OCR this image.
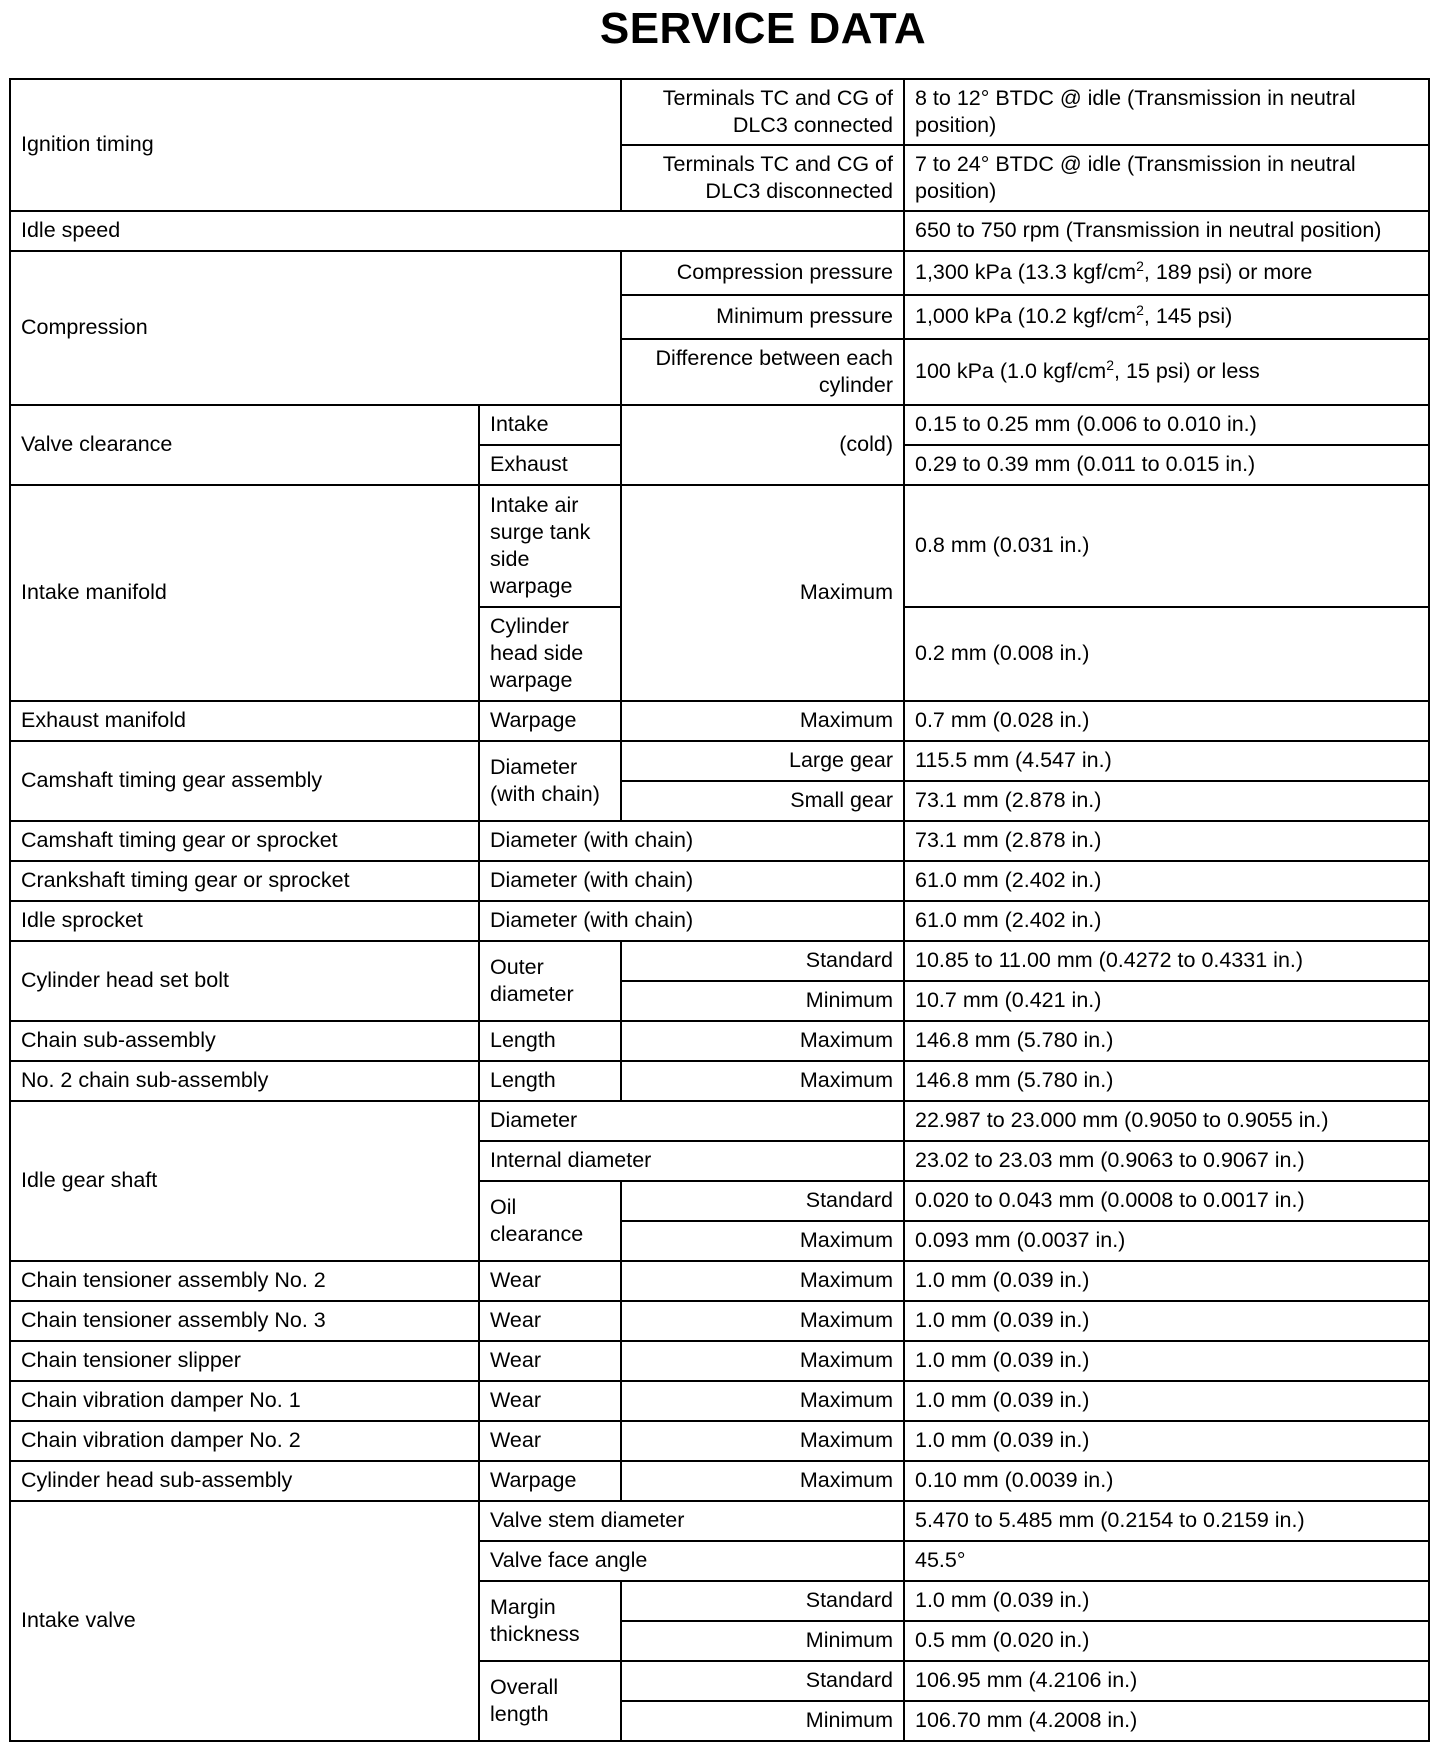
SERVICE DATA
Ignition timing		Terminals TC and CG of DLC3 connected	8 to 12° BTDC @ idle (Transmission in neutral position)
		Terminals TC and CG of DLC3 disconnected	7 to 24° BTDC @ idle (Transmission in neutral position)
Idle speed			650 to 750 rpm (Transmission in neutral position)
Compression		Compression pressure	1,300 kPa (13.3 kgf/$cm^2$, 189 psi) or more
		Minimum pressure	1,000 kPa (10.2 kgf/$cm^2$, 145 psi)
		Difference between each cylinder	100 kPa (1.0 kgf/$cm^2$, 15 psi) or less
Valve clearance	Intake	(cold)	0.15 to 0.25 mm (0.006 to 0.010 in.)
	Exhaust		0.29 to 0.39 mm (0.011 to 0.015 in.)
Intake manifold	Intake air surge tank side warpage	Maximum	0.8 mm (0.031 in.)
	Cylinder head side warpage		0.2 mm (0.008 in.)
Exhaust manifold	Warpage	Maximum	0.7 mm (0.028 in.)
Camshaft timing gear assembly	Diameter (with chain)	Large gear	115.5 mm (4.547 in.)
		Small gear	73.1 mm (2.878 in.)
Camshaft timing gear or sprocket	Diameter (with chain)		73.1 mm (2.878 in.)
Crankshaft timing gear or sprocket	Diameter (with chain)		61.0 mm (2.402 in.)
Idle sprocket	Diameter (with chain)		61.0 mm (2.402 in.)
Cylinder head set bolt	Outer diameter	Standard	10.85 to 11.00 mm (0.4272 to 0.4331 in.)
		Minimum	10.7 mm (0.421 in.)
Chain sub-assembly	Length	Maximum	146.8 mm (5.780 in.)
No. 2 chain sub-assembly	Length	Maximum	146.8 mm (5.780 in.)
Idle gear shaft	Diameter		22.987 to 23.000 mm (0.9050 to 0.9055 in.)
	Internal diameter		23.02 to 23.03 mm (0.9063 to 0.9067 in.)
	Oil clearance	Standard	0.020 to 0.043 mm (0.0008 to 0.0017 in.)
		Maximum	0.093 mm (0.0037 in.)
Chain tensioner assembly No. 2	Wear	Maximum	1.0 mm (0.039 in.)
Chain tensioner assembly No. 3	Wear	Maximum	1.0 mm (0.039 in.)
Chain tensioner slipper	Wear	Maximum	1.0 mm (0.039 in.)
Chain vibration damper No. 1	Wear	Maximum	1.0 mm (0.039 in.)
Chain vibration damper No. 2	Wear	Maximum	1.0 mm (0.039 in.)
Cylinder head sub-assembly	Warpage	Maximum	0.10 mm (0.0039 in.)
Intake valve	Valve stem diameter		5.470 to 5.485 mm (0.2154 to 0.2159 in.)
	Valve face angle		45.5°
	Margin thickness	Standard	1.0 mm (0.039 in.)
		Minimum	0.5 mm (0.020 in.)
	Overall length	Standard	106.95 mm (4.2106 in.)
		Minimum	106.70 mm (4.2008 in.)
